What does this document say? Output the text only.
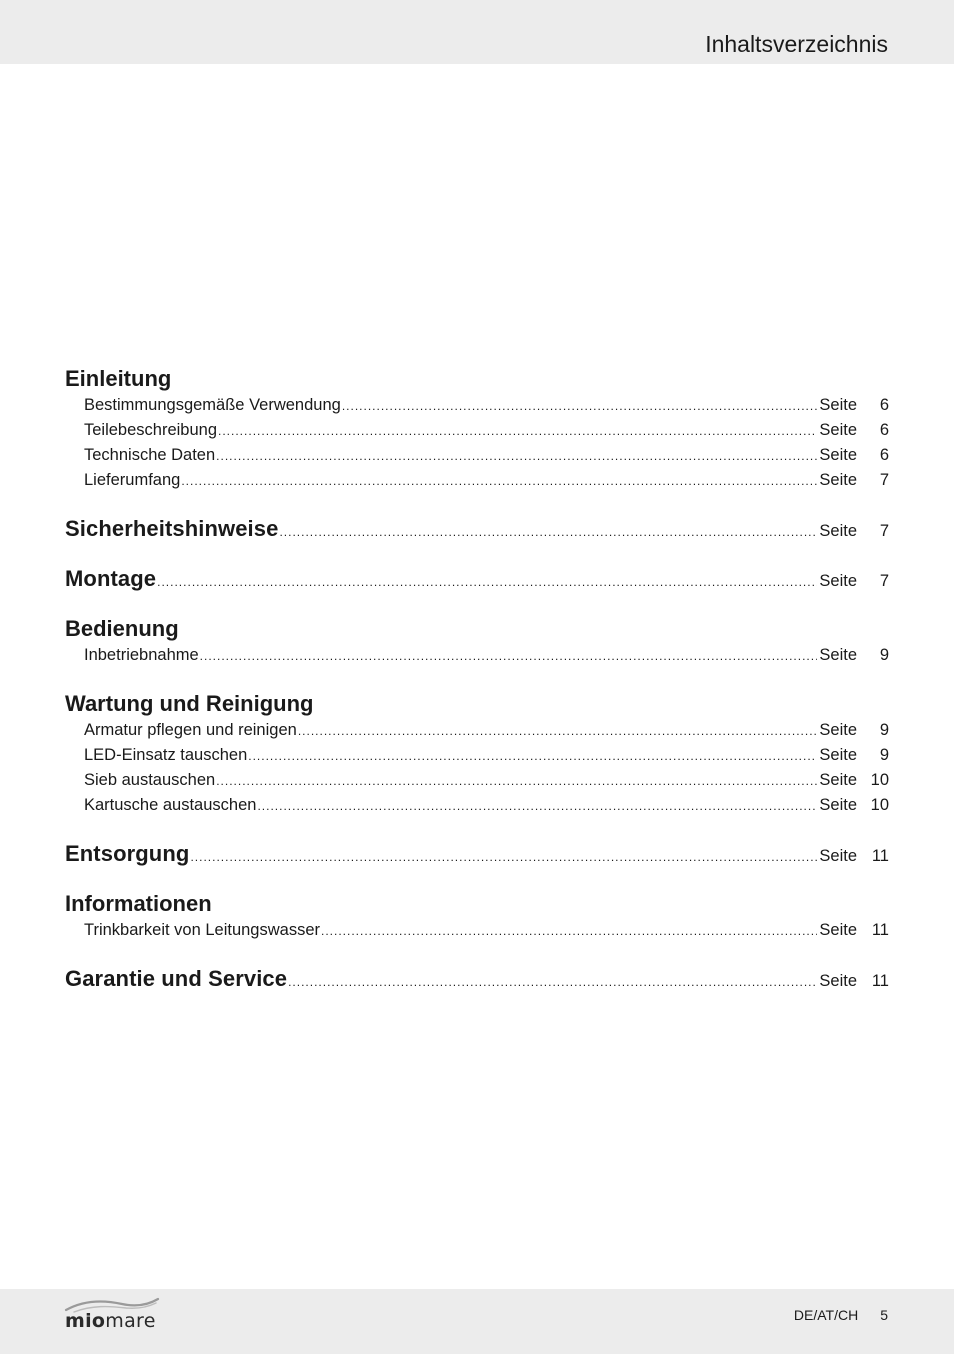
Inhaltsverzeichnis
Einleitung
Bestimmungsgemäße Verwendung .....	Seite	6
Teilebeschreibung .....	Seite	6
Technische Daten .....	Seite	6
Lieferumfang .....	Seite	7
Sicherheitshinweise .....	Seite	7
Montage .....	Seite	7
Bedienung
Inbetriebnahme .....	Seite	9
Wartung und Reinigung
Armatur pflegen und reinigen .....	Seite	9
LED-Einsatz tauschen .....	Seite	9
Sieb austauschen .....	Seite 10
Kartusche austauschen .....	Seite 10
Entsorgung .....	Seite 11
Informationen
Trinkbarkeit von Leitungswasser .....	Seite 11
Garantie und Service .....	Seite 11
miomare	DE/AT/CH 5
